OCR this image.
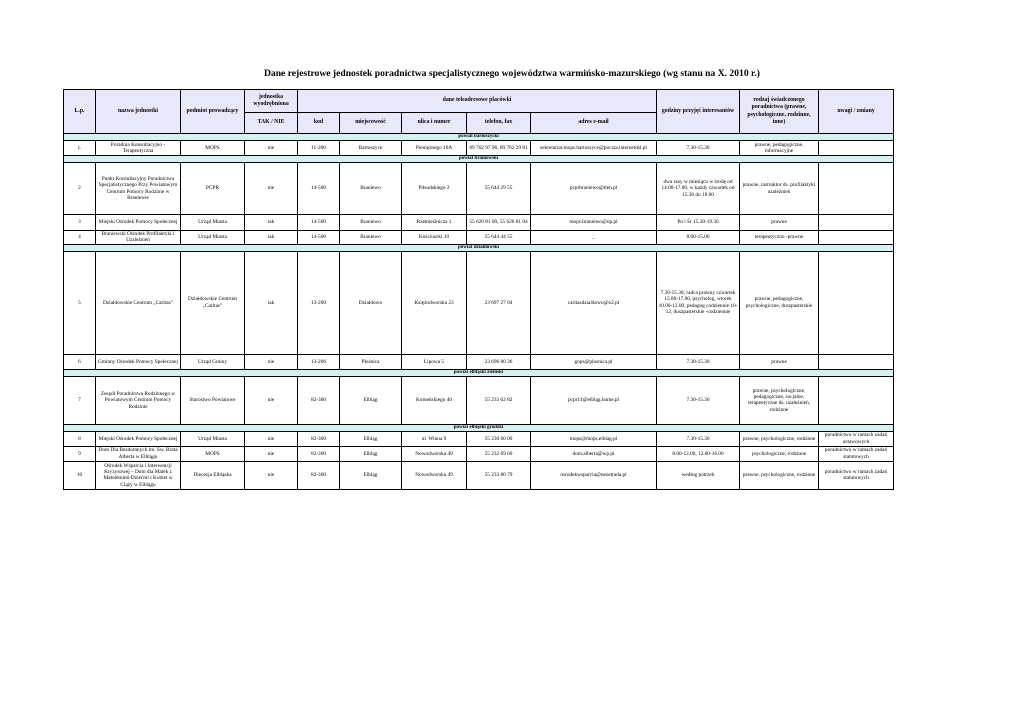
Dane rejestrowe jednostek poradnictwa specjalistycznego województwa warmińsko-mazurskiego (wg stanu na X. 2010 r.)
L.p.	nazwa jednostki	podmiot prowadzący	jednostka wyodrębniona	dane teleadresowe placówki					godziny przyjęć interesantów	rodzaj świadczonego poradnictwa (prawne, psychologiczne, rodzinne, inne)	uwagi / zmiany
			TAK / NIE	kod	miejscowość	ulica i numer	telefon, fax	adres e-mail			
powiat bartoszycki											
1.	Poradnia Konsultacyjno - Terapeutyczna	MOPS	nie	11-200	Bartoszyce	Pieniężnego 10A	89 762 97 96, 89 762 29 81	sekretariat.mops.bartoszyce@poczta.internetdsl.pl	7.30-15.30	prawne, pedagogiczne, informacyjne	
powiat braniewski											
2	Punkt Konsultacyjny Poradnictwa Specjalistycznego Przy Powiatowym Centrum Pomocy Rodzinie w Braniewie	PCPR	nie	14-500	Braniewo	Piłsudskiego 2	55 644 29 55	pcprbraniewo@tlen.pl	dwa razy w miesiącu w środę od 14.00-17.00, w każdy czwartek od 15.30 do 18.00	prawne, instruktor ds. profilaktyki uzależnień	
3	Miejski Ośrodek Pomocy Społecznej	Urząd Miasta	tak	14-500	Braniewo	Rzemieślnicza 1	55 620 81 00, 55 620 81 04	mops.braniewo@op.pl	Pn i Śr 15.30-19.30	prawne	
4	Braniewski Ośrodek Profilaktyki i Uzależnień	Urząd Miasta	tak	14-500	Braniewo	Kościuszki 10	55 644 44 55	_	8.00-15.00	terapeutyczno -prawne	
powiat działdowski											
5	Działdowskie Centrum „Caritas”	Działdowskie Centrum „Caritas”	tak	13-200	Działdowo	Księżodworska 23	23 697 27 04	caritasdzialdowo@o2.pl	7.30-15.30; radca prawny czwartek 15.00-17.00, psycholog, wtorek 10.00-12.00, pedagog codziennie 10-12, duszpasterskie -codziennie	prawne, pedagogiczne, psychologiczne, duszpasterskie	
6	Gminny Ośrodek Pomocy Społecznej	Urząd Gminy	nie	13-206	Płośnica	Lipowa 5	23 696 80 36	gops@plosnica.pl	7.30-15.30	prawne	
powiat elbląski ziemski											
7	Zespół Poradnictwa Rodzinnego w Powiatowym Centrum Pomocy Rodzinie	Starostwo Powiatowe	nie	82-300	Elbląg	Komeńskiego 40	55 233 62 82	pcpr14@elbląg.home.pl	7.30-15.30	prawne, psychologiczne, pedagogiczne, socjalne, terapeutyczne ds. uzależnień, rodzinne	
powiat elbląski grodzki											
8	Miejski Ośrodek Pomocy Społecznej	Urząd Miasta	nie	82-300	Elbląg	ul. Winna 9	55 230 60 00	mops@mops.elblag.pl	7.30-15.30	prawne, psychologiczne, rodzinne	poradnictwo w ramach zadań ustawowych
9	Dom Dla Bezdomnych im. Św. Brata Alberta w Elblągu	MOPS	nie	82-300	Elbląg	Nowodworska 49	55 232 69 60	dom.alberta@wp.pl	8.00-12.00, 12.00-16.00	psychologiczne, rodzinne	poradnictwo w ramach zadań statutowych
10	Ośrodek Wsparcia i Interwencji Kryzysowej – Dom dla Matek z Małoletnimi Dziećmi i Kobiet w Ciąży w Elblągu	Diecezja Elbląska	nie	82-300	Elbląg	Nowodworska 49	55 233 80 79	osrodekwsparcia@neostrada.pl	według potrzeb	prawne, psychologiczne, rodzinne	poradnictwo w ramach zadań statutowych
